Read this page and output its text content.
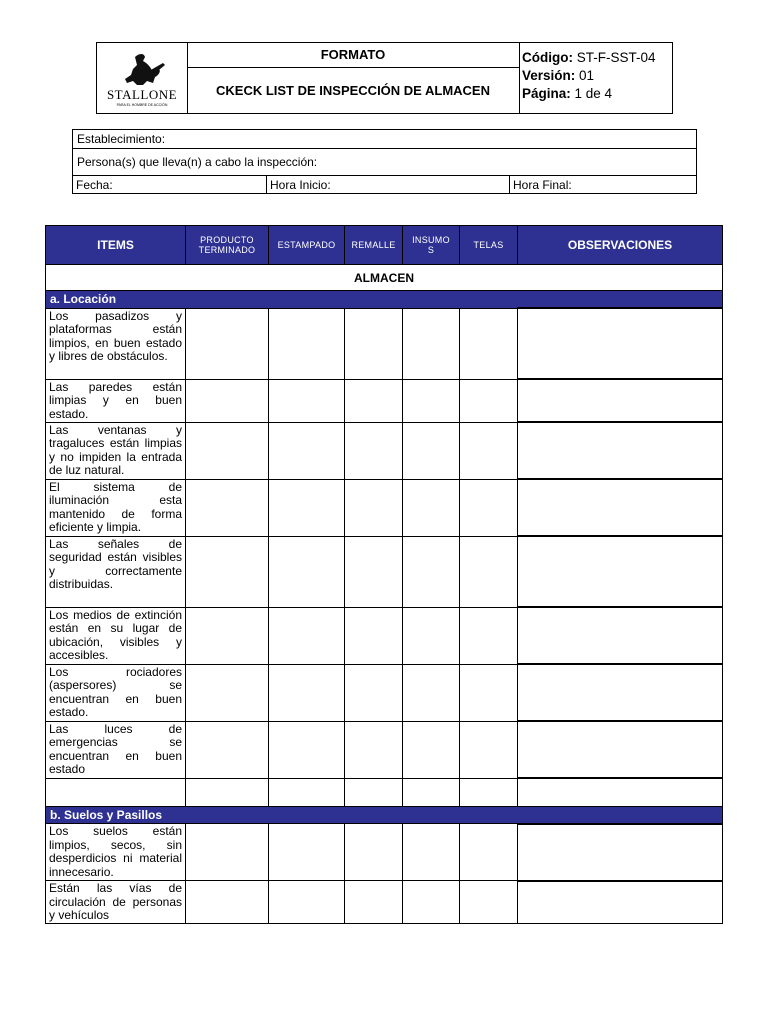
STALLONE
PARA EL HOMBRE DE ACCIÓN
FORMATO
CKECK LIST DE INSPECCIÓN DE ALMACEN
Código: ST-F-SST-04
Versión: 01
Página: 1 de 4
Establecimiento:
Persona(s) que lleva(n) a cabo la inspección:
Fecha:	Hora Inicio:	Hora Final:
ITEMS	PRODUCTO TERMINADO	ESTAMPADO	REMALLE	INSUMOS	TELAS	OBSERVACIONES
ALMACEN						
a. Locación						
Los pasadizos y plataformas están limpios, en buen estado y libres de obstáculos.						
Las paredes están limpias y en buen estado.						
Las ventanas y tragaluces están limpias y no impiden la entrada de luz natural.						
El sistema de iluminación esta mantenido de forma eficiente y limpia.						
Las señales de seguridad están visibles y correctamente distribuidas.						
Los medios de extinción están en su lugar de ubicación, visibles y accesibles.						
Los rociadores (aspersores) se encuentran en buen estado.						
Las luces de emergencias se encuentran en buen estado						

b. Suelos y Pasillos						
Los suelos están limpios, secos, sin desperdicios ni material innecesario.						
Están las vías de circulación de personas y vehículos						
